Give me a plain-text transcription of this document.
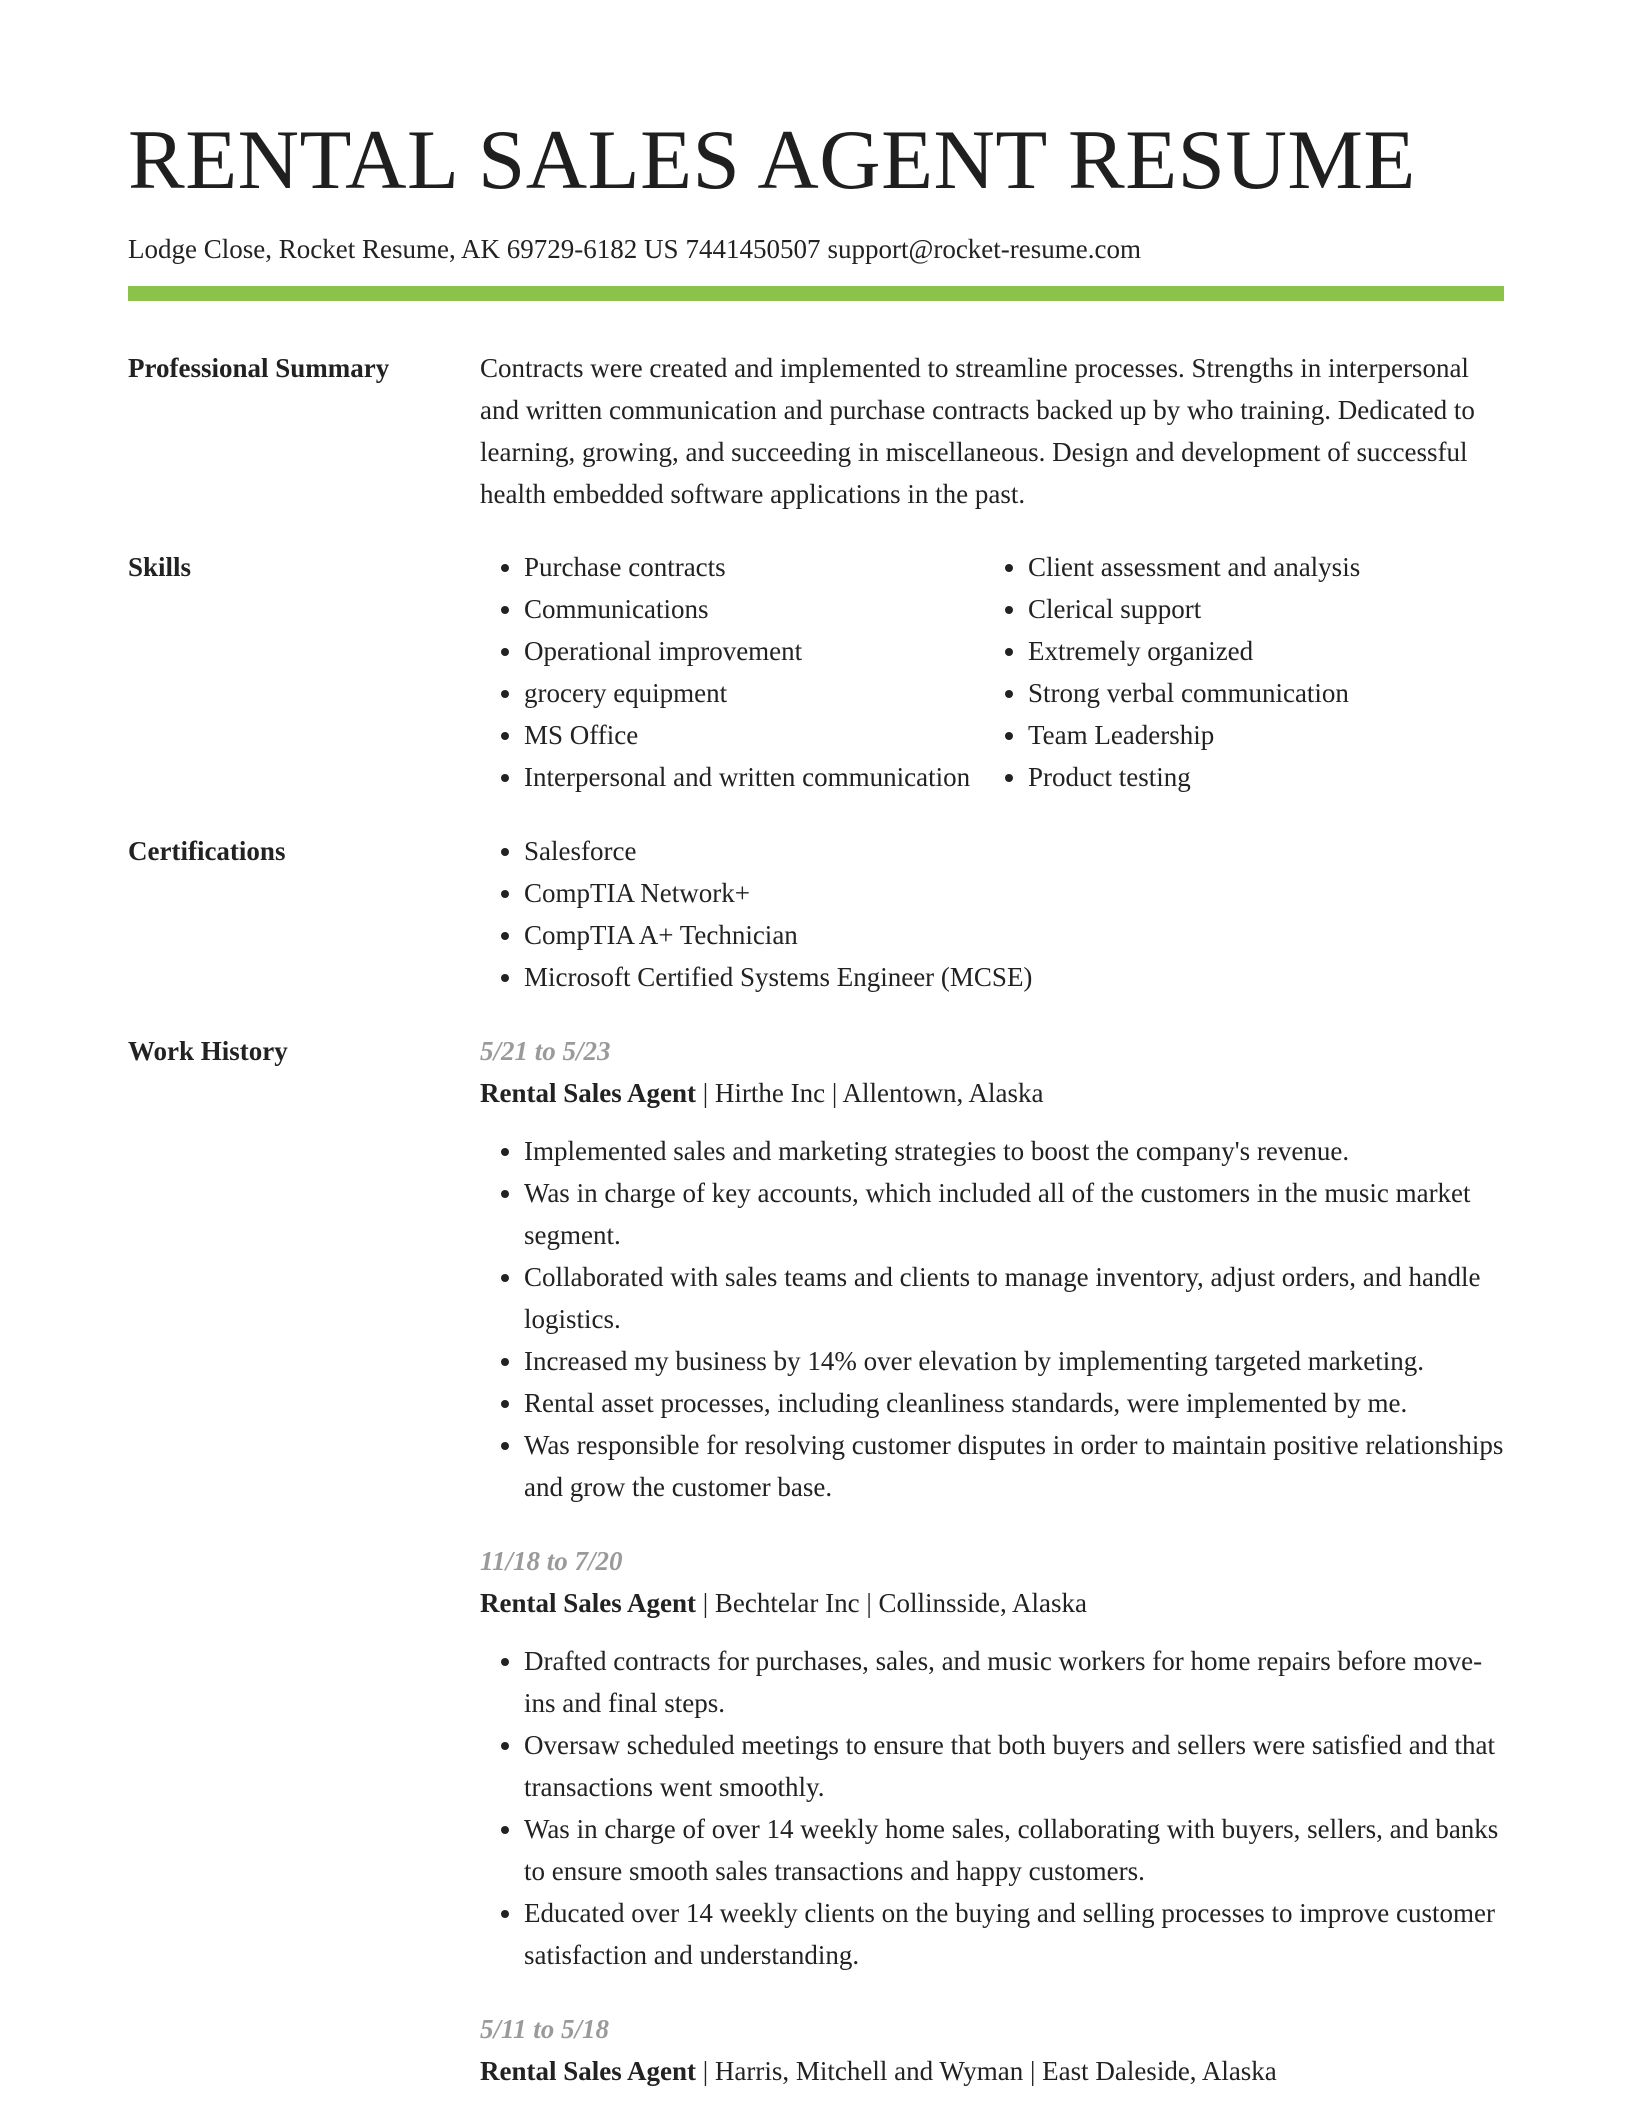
RENTAL SALES AGENT RESUME
Lodge Close, Rocket Resume, AK 69729-6182 US 7441450507 support@rocket-resume.com
Professional Summary	Contracts were created and implemented to streamline processes. Strengths in interpersonal and written communication and purchase contracts backed up by who training. Dedicated to learning, growing, and succeeding in miscellaneous. Design and development of successful health embedded software applications in the past.

Skills	• Purchase contracts
• Communications
• Operational improvement
• grocery equipment
• MS Office
• Interpersonal and written communication
• Client assessment and analysis
• Clerical support
• Extremely organized
• Strong verbal communication
• Team Leadership
• Product testing
Certifications	• Salesforce
• CompTIA Network+
• CompTIA A+ Technician
• Microsoft Certified Systems Engineer (MCSE)
Work History	5/21 to 5/23
Rental Sales Agent | Hirthe Inc | Allentown, Alaska
• Implemented sales and marketing strategies to boost the company's revenue.
• Was in charge of key accounts, which included all of the customers in the music market segment.
• Collaborated with sales teams and clients to manage inventory, adjust orders, and handle logistics.
• Increased my business by 14% over elevation by implementing targeted marketing.
• Rental asset processes, including cleanliness standards, were implemented by me.
• Was responsible for resolving customer disputes in order to maintain positive relationships and grow the customer base.
11/18 to 7/20
Rental Sales Agent | Bechtelar Inc | Collinsside, Alaska
• Drafted contracts for purchases, sales, and music workers for home repairs before move-ins and final steps.
• Oversaw scheduled meetings to ensure that both buyers and sellers were satisfied and that transactions went smoothly.
• Was in charge of over 14 weekly home sales, collaborating with buyers, sellers, and banks to ensure smooth sales transactions and happy customers.
• Educated over 14 weekly clients on the buying and selling processes to improve customer satisfaction and understanding.
5/11 to 5/18
Rental Sales Agent | Harris, Mitchell and Wyman | East Daleside, Alaska
